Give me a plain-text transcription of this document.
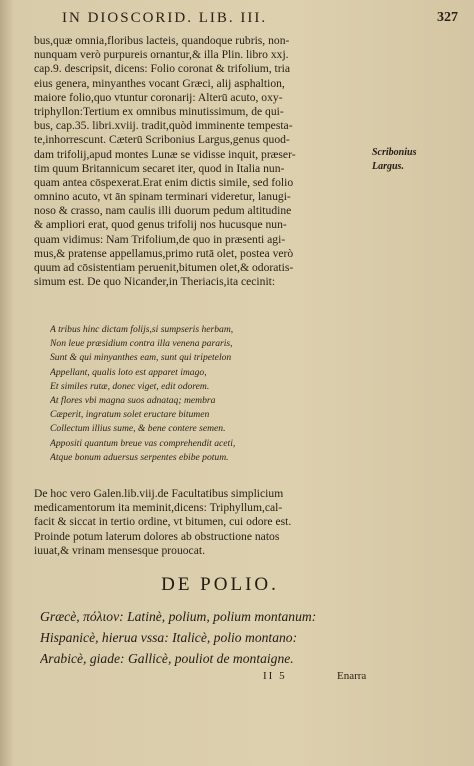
IN DIOSCORID. LIB. III.	327
bus,quæ omnia,floribus lacteis, quandoque rubris, non-
nunquam verò purpureis ornantur,& illa Plin. libro xxj.
cap.9. descripsit, dicens: Folio coronat & trifolium, tria
eius genera, minyanthes vocant Græci, alij asphaltion,
maiore folio,quo vtuntur coronarij: Alterū acuto, oxy-
triphyllon:Tertium ex omnibus minutissimum, de qui-
bus, cap.35. libri.xviij. tradit,quòd imminente tempesta-
te,inhorrescunt. Cæterū Scribonius Largus,genus quod-
dam trifolij,apud montes Lunæ se vidisse inquit, præser-
tim quum Britannicum secaret iter, quod in Italia nun-
quam antea cōspexerat.Erat enim dictis simile, sed folio
omnino acuto, vt ān spinam terminari videretur, lanugi-
noso & crasso, nam caulis illi duorum pedum altitudine
& ampliori erat, quod genus trifolij nos hucusque nun-
quam vidimus: Nam Trifolium,de quo in præsenti agi-
mus,& pratense appellamus,primo rutā olet, postea verò
quum ad cōsistentiam peruenit,bitumen olet,& odoratis-
simum est. De quo Nicander,in Theriacis,ita cecinit:
Scribonius
Largus.
A tribus hinc dictam folijs,si sumpseris herbam,
Non leue præsidium contra illa venena pararis,
Sunt & qui minyanthes eam, sunt qui tripetelon
Appellant, qualis loto est apparet imago,
Et similes rutæ, donec viget, edit odorem.
At flores vbi magna suos adnataq; membra
Cæperit, ingratum solet eructare bitumen
Collectum illius sume, & bene contere semen.
Appositi quantum breue vas comprehendit aceti,
Atque bonum aduersus serpentes ebibe potum.
De hoc vero Galen.lib.viij.de Facultatibus simplicium
medicamentorum ita meminit,dicens: Triphyllum,cal-
facit & siccat in tertio ordine, vt bitumen, cui odore est.
Proinde potum laterum dolores ab obstructione natos
iuuat,& vrinam mensesque prouocat.
DE POLIO.
Græcè, πόλιον: Latinè, polium, polium montanum:
Hispanicè, hierua vssa: Italicè, polio montano:
Arabicè, giade: Gallicè, pouliot de montaigne.
II 5	Enarra
